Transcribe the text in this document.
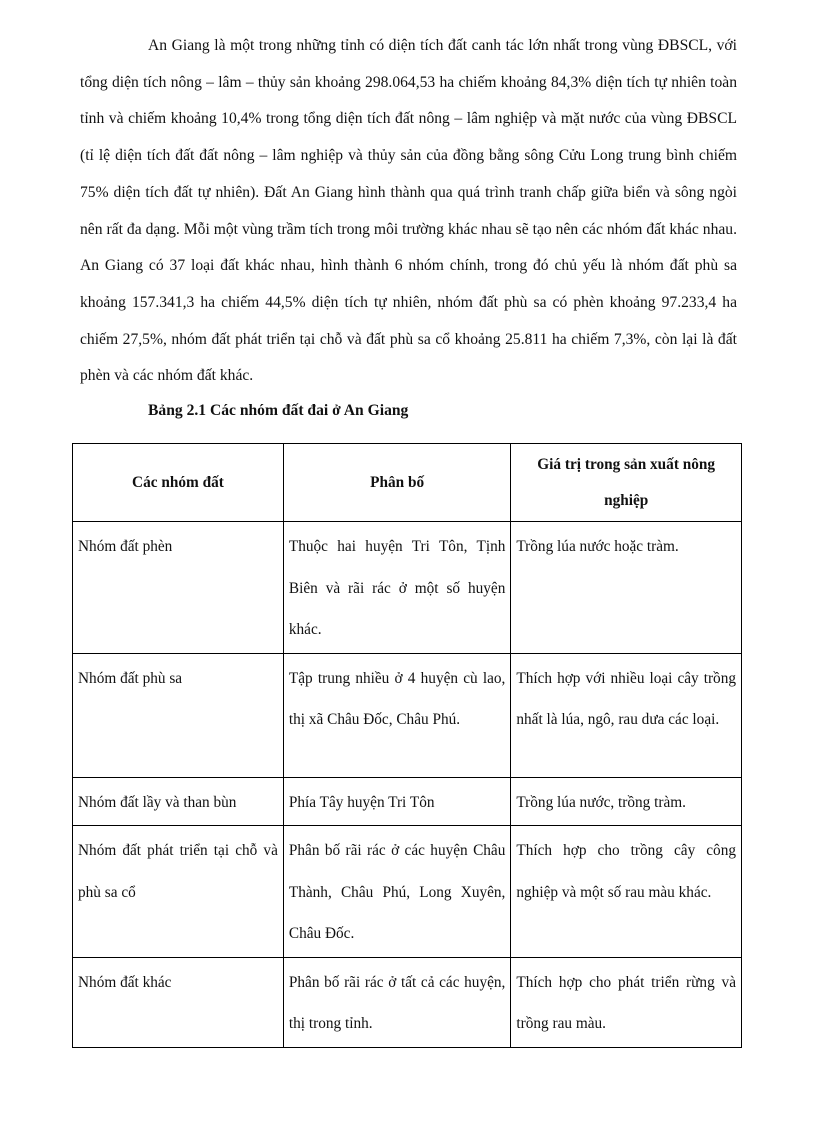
An Giang là một trong những tỉnh có diện tích đất canh tác lớn nhất trong vùng ĐBSCL, với tổng diện tích nông – lâm – thủy sản khoảng 298.064,53 ha chiếm khoảng 84,3% diện tích tự nhiên toàn tỉnh và chiếm khoảng 10,4% trong tổng diện tích đất nông – lâm nghiệp và mặt nước của vùng ĐBSCL (tỉ lệ diện tích đất đất nông – lâm nghiệp và thủy sản của đồng bằng sông Cửu Long trung bình chiếm 75% diện tích đất tự nhiên). Đất An Giang hình thành qua quá trình tranh chấp giữa biển và sông ngòi nên rất đa dạng. Mỗi một vùng trầm tích trong môi trường khác nhau sẽ tạo nên các nhóm đất khác nhau. An Giang có 37 loại đất khác nhau, hình thành 6 nhóm chính, trong đó chủ yếu là nhóm đất phù sa khoảng 157.341,3 ha chiếm 44,5% diện tích tự nhiên, nhóm đất phù sa có phèn khoảng 97.233,4 ha chiếm 27,5%, nhóm đất phát triển tại chỗ và đất phù sa cổ khoảng 25.811 ha chiếm 7,3%, còn lại là đất phèn và các nhóm đất khác.

Bảng 2.1 Các nhóm đất đai ở An Giang

Các nhóm đất	Phân bố	Giá trị trong sản xuất nông nghiệp
Nhóm đất phèn	Thuộc hai huyện Tri Tôn, Tịnh Biên và rãi rác ở một số huyện khác.	Trồng lúa nước hoặc tràm.
Nhóm đất phù sa	Tập trung nhiều ở 4 huyện cù lao, thị xã Châu Đốc, Châu Phú.	Thích hợp với nhiều loại cây trồng nhất là lúa, ngô, rau dưa các loại.
Nhóm đất lầy và than bùn	Phía Tây huyện Tri Tôn	Trồng lúa nước, trồng tràm.
Nhóm đất phát triển tại chỗ và phù sa cổ	Phân bố rãi rác ở các huyện Châu Thành, Châu Phú, Long Xuyên, Châu Đốc.	Thích hợp cho trồng cây công nghiệp và một số rau màu khác.
Nhóm đất khác	Phân bố rãi rác ở tất cả các huyện, thị trong tỉnh.	Thích hợp cho phát triển rừng và trồng rau màu.
